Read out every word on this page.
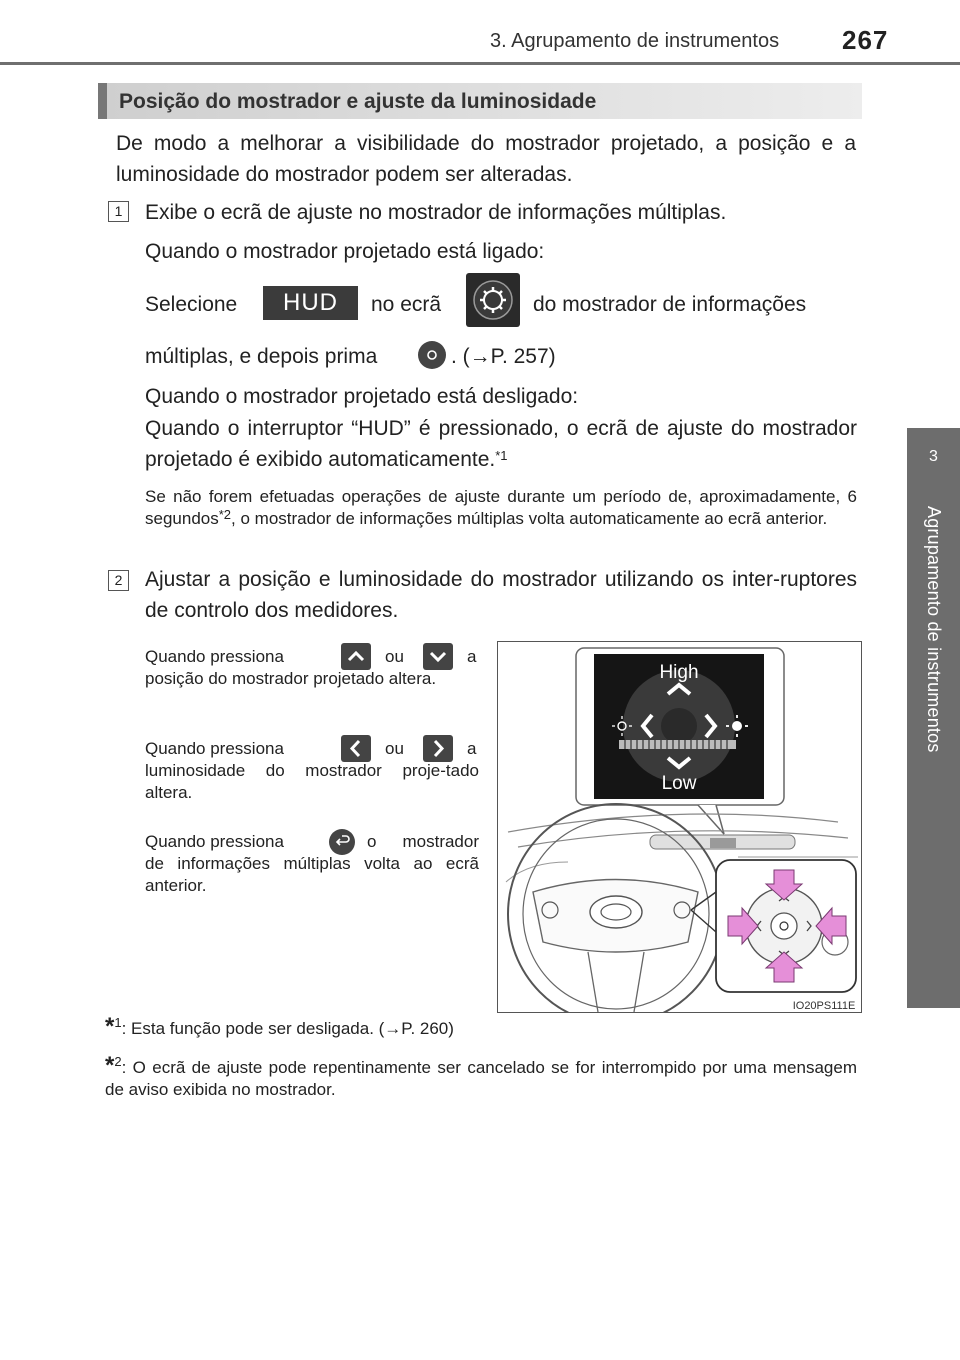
3. Agrupamento de instrumentos	267
3
Agrupamento de instrumentos
Posição do mostrador e ajuste da luminosidade
De modo a melhorar a visibilidade do mostrador projetado, a posição e a luminosidade do mostrador podem ser alteradas.
1	Exibe o ecrã de ajuste no mostrador de informações múltiplas.
Quando o mostrador projetado está ligado:
Selecione	HUD	no ecrã	do mostrador de informações
múltiplas, e depois prima	. (→P. 257)
Quando o mostrador projetado está desligado:
Quando o interruptor “HUD” é pressionado, o ecrã de ajuste do mostrador projetado é exibido automaticamente.$^{*1}$
Se não forem efetuadas operações de ajuste durante um período de, aproximadamente, 6 segundos$^{*2}$, o mostrador de informações múltiplas volta automaticamente ao ecrã anterior.
2	Ajustar a posição e luminosidade do mostrador utilizando os inter-ruptores de controlo dos medidores.
Quando pressiona	ou	a posição do mostrador projetado altera.
Quando pressiona	ou	a luminosidade do mostrador proje-tado altera.
Quando pressiona	o mostrador de informações múltiplas volta ao ecrã anterior.
High
Low
IO20PS111E
*$^1$: Esta função pode ser desligada. (→P. 260)
*$^2$: O ecrã de ajuste pode repentinamente ser cancelado se for interrompido por uma mensagem de aviso exibida no mostrador.
